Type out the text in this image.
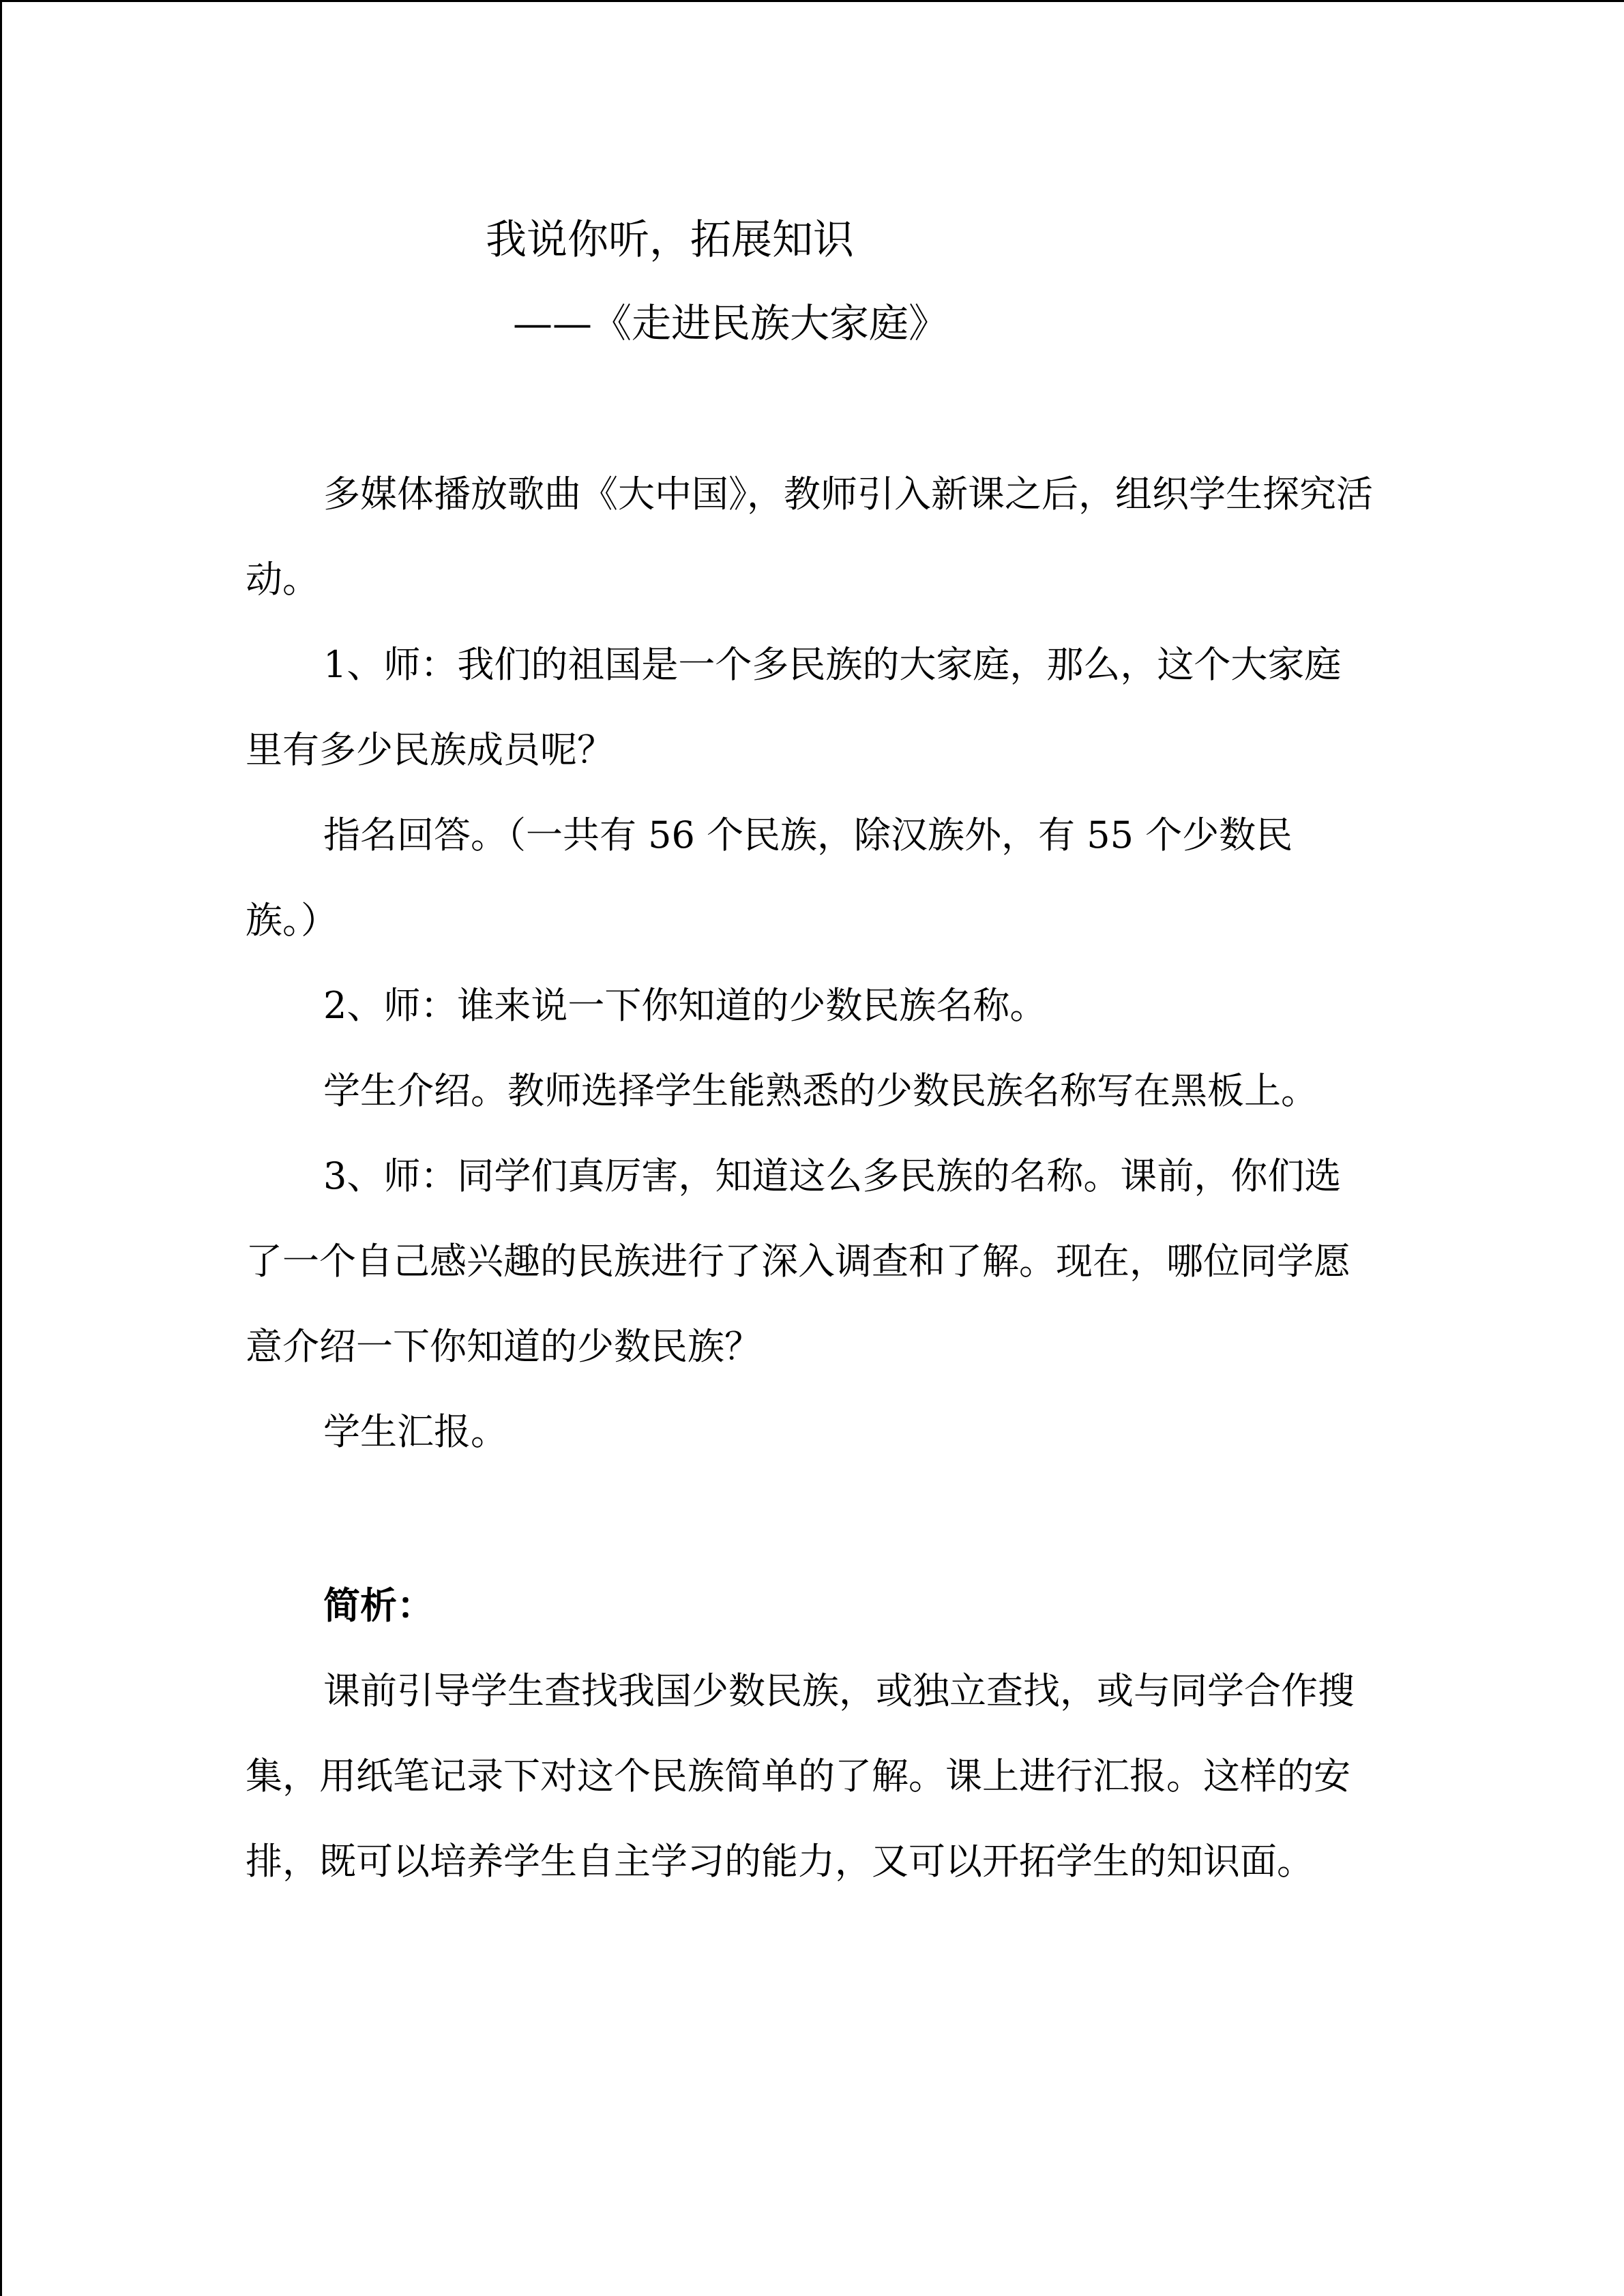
我说你听，拓展知识
——《走进民族大家庭》

多媒体播放歌曲《大中国》，教师引入新课之后，组织学生探究活动。

1、师：我们的祖国是一个多民族的大家庭，那么，这个大家庭里有多少民族成员呢？

指名回答。（一共有 56 个民族，除汉族外，有 55 个少数民族。）

2、师：谁来说一下你知道的少数民族名称。

学生介绍。教师选择学生能熟悉的少数民族名称写在黑板上。

3、师：同学们真厉害，知道这么多民族的名称。课前，你们选了一个自己感兴趣的民族进行了深入调查和了解。现在，哪位同学愿意介绍一下你知道的少数民族？

学生汇报。

简析：

课前引导学生查找我国少数民族，或独立查找，或与同学合作搜集，用纸笔记录下对这个民族简单的了解。课上进行汇报。这样的安排，既可以培养学生自主学习的能力，又可以开拓学生的知识面。
